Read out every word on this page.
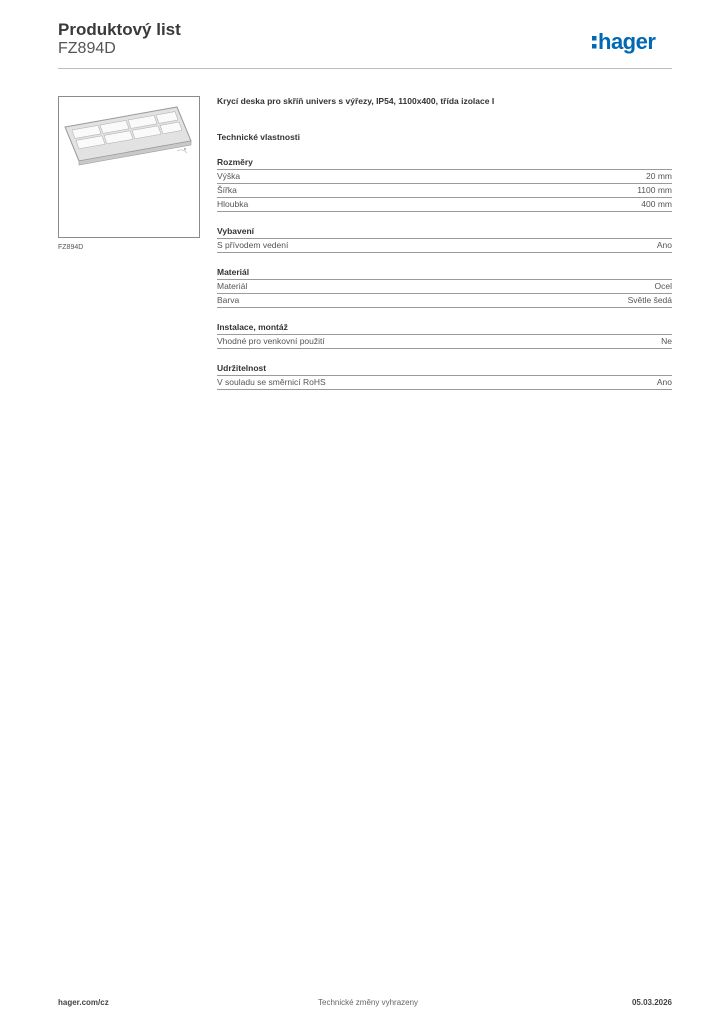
Produktový list
FZ894D	hager
FZ894D
Krycí deska pro skříň univers s výřezy, IP54, 1100x400, třída izolace I
Technické vlastnosti
Rozměry
Výška	20 mm
Šířka	1100 mm
Hloubka	400 mm
Vybavení
S přívodem vedení	Ano
Materiál
Materiál	Ocel
Barva	Světle šedá
Instalace, montáž
Vhodné pro venkovní použití	Ne
Udržitelnost
V souladu se směrnicí RoHS	Ano
hager.com/cz	Technické změny vyhrazeny	05.03.2026
